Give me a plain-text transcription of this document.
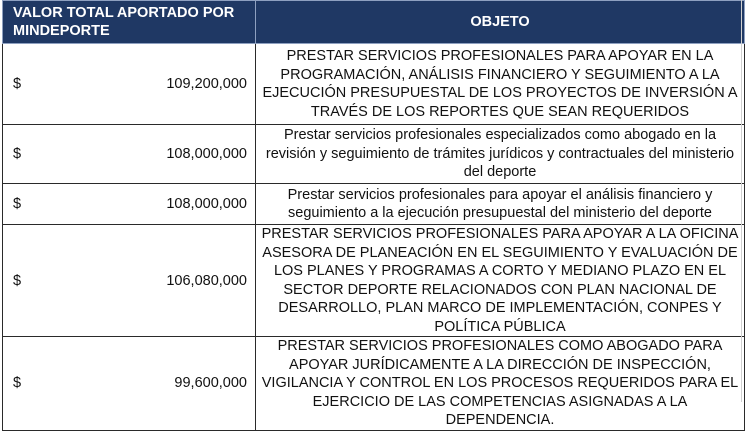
VALOR TOTAL APORTADO POR MINDEPORTE	OBJETO

$ 109,200,000	PRESTAR SERVICIOS PROFESIONALES PARA APOYAR EN LA PROGRAMACIÓN, ANÁLISIS FINANCIERO Y SEGUIMIENTO A LA EJECUCIÓN PRESUPUESTAL DE LOS PROYECTOS DE INVERSIÓN A TRAVÉS DE LOS REPORTES QUE SEAN REQUERIDOS

$ 108,000,000	Prestar servicios profesionales especializados como abogado en la revisión y seguimiento de trámites jurídicos y contractuales del ministerio del deporte

$ 108,000,000	Prestar servicios profesionales para apoyar el análisis financiero y seguimiento a la ejecución presupuestal del ministerio del deporte

$ 106,080,000	PRESTAR SERVICIOS PROFESIONALES PARA APOYAR A LA OFICINA ASESORA DE PLANEACIÓN EN EL SEGUIMIENTO Y EVALUACIÓN DE LOS PLANES Y PROGRAMAS A CORTO Y MEDIANO PLAZO EN EL SECTOR DEPORTE RELACIONADOS CON PLAN NACIONAL DE DESARROLLO, PLAN MARCO DE IMPLEMENTACIÓN, CONPES Y POLÍTICA PÚBLICA

$ 99,600,000	PRESTAR SERVICIOS PROFESIONALES COMO ABOGADO PARA APOYAR JURÍDICAMENTE A LA DIRECCIÓN DE INSPECCIÓN, VIGILANCIA Y CONTROL EN LOS PROCESOS REQUERIDOS PARA EL EJERCICIO DE LAS COMPETENCIAS ASIGNADAS A LA DEPENDENCIA.
